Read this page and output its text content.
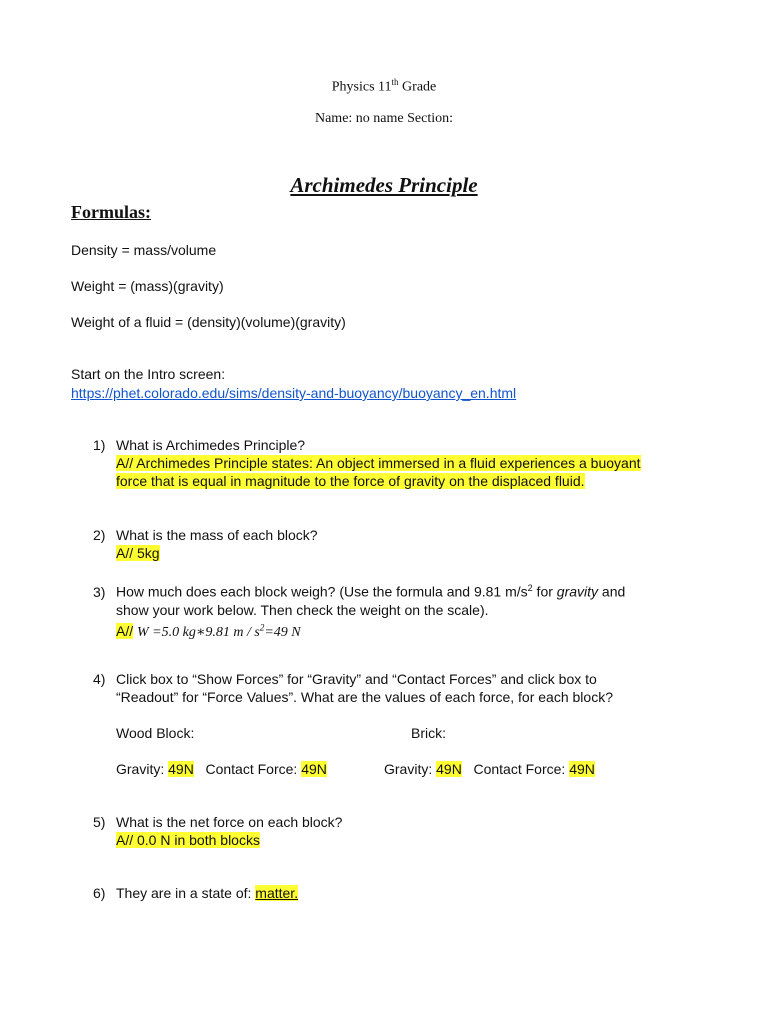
Physics 11th Grade
Name: no name Section:
Archimedes Principle
Formulas:
Density = mass/volume
Weight = (mass)(gravity)
Weight of a fluid = (density)(volume)(gravity)
Start on the Intro screen:
https://phet.colorado.edu/sims/density-and-buoyancy/buoyancy_en.html
1) What is Archimedes Principle?
A// Archimedes Principle states: An object immersed in a fluid experiences a buoyant
force that is equal in magnitude to the force of gravity on the displaced fluid.
2) What is the mass of each block?
A// 5kg
3) How much does each block weigh? (Use the formula and 9.81 $m/s^2$ for gravity and
show your work below. Then check the weight on the scale).
A// W =5.0 kg∗9.81 $m / s^2=49$ N
4) Click box to “Show Forces” for “Gravity” and “Contact Forces” and click box to
“Readout” for “Force Values”. What are the values of each force, for each block?
Wood Block:	Brick:
Gravity: 49N Contact Force: 49N	Gravity: 49N Contact Force: 49N
5) What is the net force on each block?
A// 0.0 N in both blocks
6) They are in a state of: matter.
